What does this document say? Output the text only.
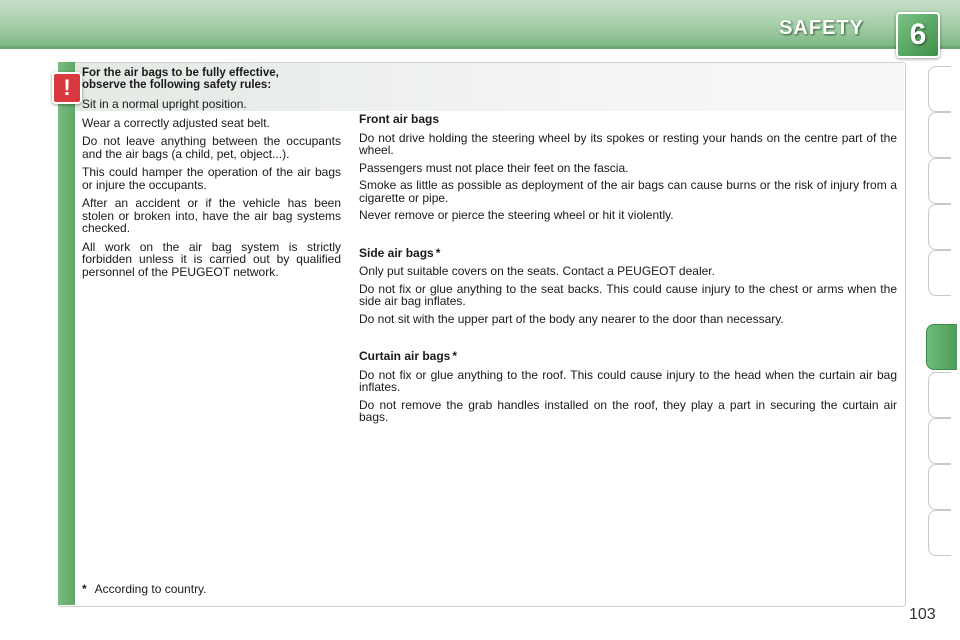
SAFETY 6
!
For the air bags to be fully effective, observe the following safety rules:

Sit in a normal upright position.

Wear a correctly adjusted seat belt.

Do not leave anything between the occupants and the air bags (a child, pet, object...).

This could hamper the operation of the air bags or injure the occupants.

After an accident or if the vehicle has been stolen or broken into, have the air bag systems checked.

All work on the air bag system is strictly forbidden unless it is carried out by qualified personnel of the PEUGEOT network.

Front air bags

Do not drive holding the steering wheel by its spokes or resting your hands on the centre part of the wheel.

Passengers must not place their feet on the fascia.

Smoke as little as possible as deployment of the air bags can cause burns or the risk of injury from a cigarette or pipe.

Never remove or pierce the steering wheel or hit it violently.

Side air bags *

Only put suitable covers on the seats. Contact a PEUGEOT dealer.

Do not fix or glue anything to the seat backs. This could cause injury to the chest or arms when the side air bag inflates.

Do not sit with the upper part of the body any nearer to the door than necessary.

Curtain air bags *

Do not fix or glue anything to the roof. This could cause injury to the head when the curtain air bag inflates.

Do not remove the grab handles installed on the roof, they play a part in securing the curtain air bags.

* According to country.
103
